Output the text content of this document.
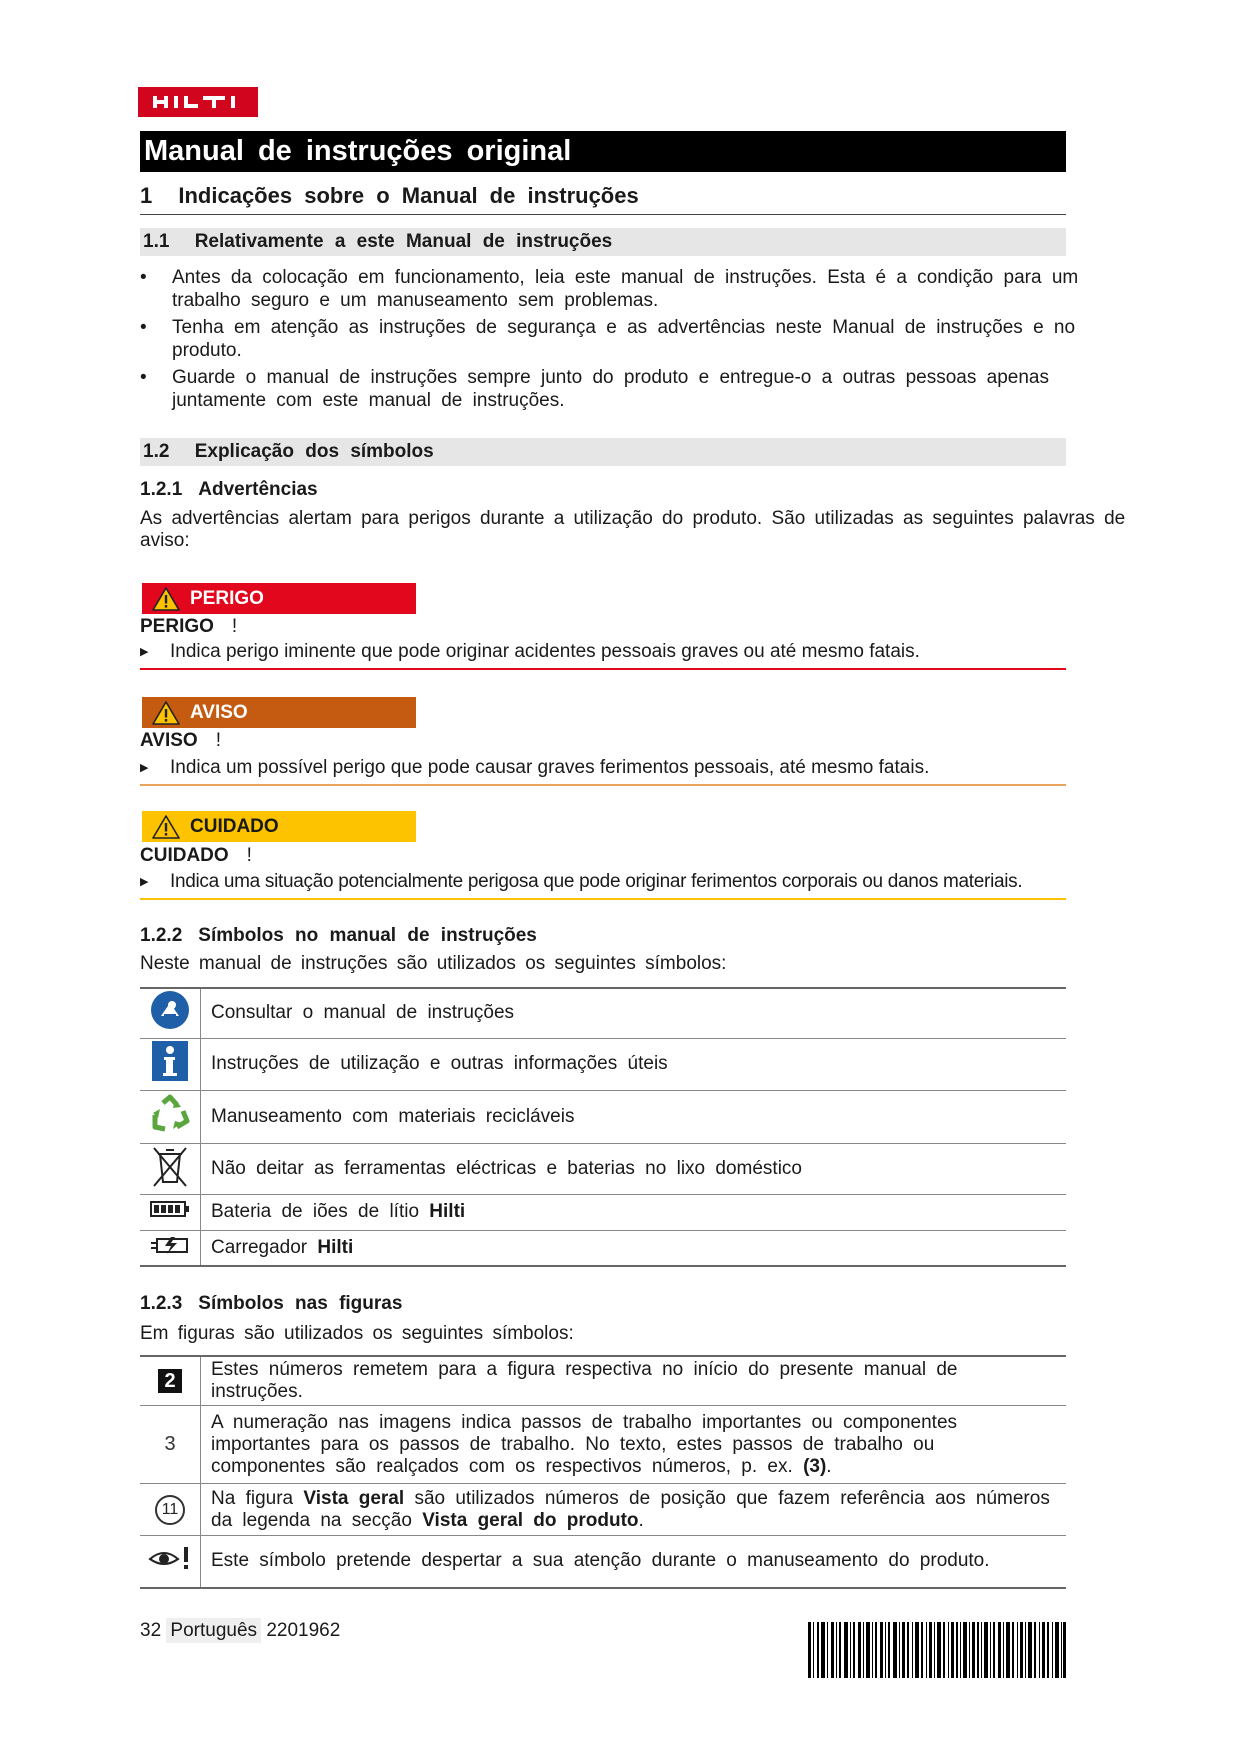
Manual de instruções original
1 Indicações sobre o Manual de instruções
1.1 Relativamente a este Manual de instruções
• Antes da colocação em funcionamento, leia este manual de instruções. Esta é a condição para um trabalho seguro e um manuseamento sem problemas.
• Tenha em atenção as instruções de segurança e as advertências neste Manual de instruções e no produto.
• Guarde o manual de instruções sempre junto do produto e entregue-o a outras pessoas apenas juntamente com este manual de instruções.
1.2 Explicação dos símbolos
1.2.1 Advertências
As advertências alertam para perigos durante a utilização do produto. São utilizadas as seguintes palavras de aviso:
PERIGO
PERIGO !
▶ Indica perigo iminente que pode originar acidentes pessoais graves ou até mesmo fatais.
AVISO
AVISO !
▶ Indica um possível perigo que pode causar graves ferimentos pessoais, até mesmo fatais.
CUIDADO
CUIDADO !
▶ Indica uma situação potencialmente perigosa que pode originar ferimentos corporais ou danos materiais.
1.2.2 Símbolos no manual de instruções
Neste manual de instruções são utilizados os seguintes símbolos:
	Consultar o manual de instruções
	Instruções de utilização e outras informações úteis
	Manuseamento com materiais recicláveis
	Não deitar as ferramentas eléctricas e baterias no lixo doméstico
	Bateria de iões de lítio Hilti
	Carregador Hilti
1.2.3 Símbolos nas figuras
Em figuras são utilizados os seguintes símbolos:
2	Estes números remetem para a figura respectiva no início do presente manual de instruções.
3	A numeração nas imagens indica passos de trabalho importantes ou componentes importantes para os passos de trabalho. No texto, estes passos de trabalho ou componentes são realçados com os respectivos números, p. ex. (3).
11	Na figura Vista geral são utilizados números de posição que fazem referência aos números da legenda na secção Vista geral do produto.
	Este símbolo pretende despertar a sua atenção durante o manuseamento do produto.
32 Português 2201962
